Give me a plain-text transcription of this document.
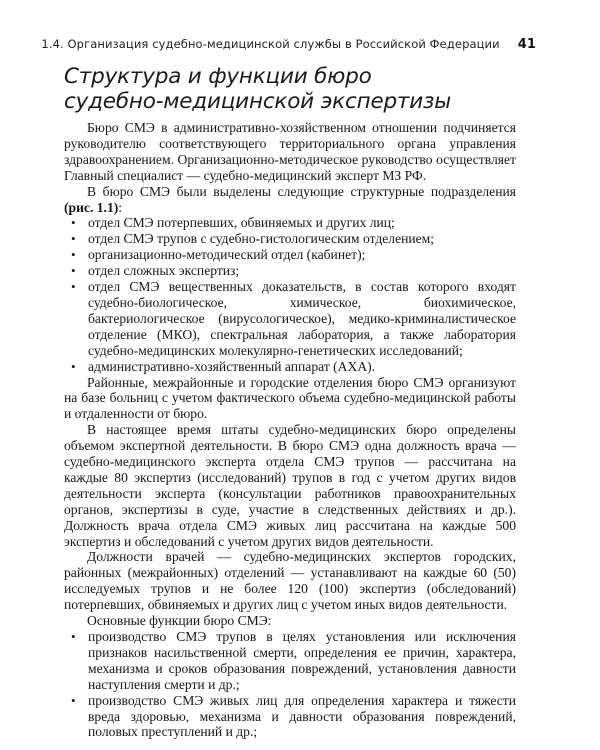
1.4. Организация судебно-медицинской службы в Российской Федерации 41
Структура и функции бюро
судебно-медицинской экспертизы

Бюро СМЭ в административно-хозяйственном отношении подчиняется руководителю соответствующего территориального органа управления здравоохранением. Организационно-методическое руководство осуществляет Главный специалист — судебно-медицинский эксперт МЗ РФ.

В бюро СМЭ были выделены следующие структурные подразделения (рис. 1.1):

• отдел СМЭ потерпевших, обвиняемых и других лиц;
• отдел СМЭ трупов с судебно-гистологическим отделением;
• организационно-методический отдел (кабинет);
• отдел сложных экспертиз;
• отдел СМЭ вещественных доказательств, в состав которого входят судебно-биологическое, химическое, биохимическое, бактериологическое (вирусологическое), медико-криминалистическое отделение (МКО), спектральная лаборатория, а также лаборатория судебно-медицинских молекулярно-генетических исследований;
• административно-хозяйственный аппарат (АХА).

Районные, межрайонные и городские отделения бюро СМЭ организуют на базе больниц с учетом фактического объема судебно-медицинской работы и отдаленности от бюро.

В настоящее время штаты судебно-медицинских бюро определены объемом экспертной деятельности. В бюро СМЭ одна должность врача — судебно-медицинского эксперта отдела СМЭ трупов — рассчитана на каждые 80 экспертиз (исследований) трупов в год с учетом других видов деятельности эксперта (консультации работников правоохранительных органов, экспертизы в суде, участие в следственных действиях и др.). Должность врача отдела СМЭ живых лиц рассчитана на каждые 500 экспертиз и обследований с учетом других видов деятельности.

Должности врачей — судебно-медицинских экспертов городских, районных (межрайонных) отделений — устанавливают на каждые 60 (50) исследуемых трупов и не более 120 (100) экспертиз (обследований) потерпевших, обвиняемых и других лиц с учетом иных видов деятельности.

Основные функции бюро СМЭ:

• производство СМЭ трупов в целях установления или исключения признаков насильственной смерти, определения ее причин, характера, механизма и сроков образования повреждений, установления давности наступления смерти и др.;
• производство СМЭ живых лиц для определения характера и тяжести вреда здоровью, механизма и давности образования повреждений, половых преступлений и др.;
